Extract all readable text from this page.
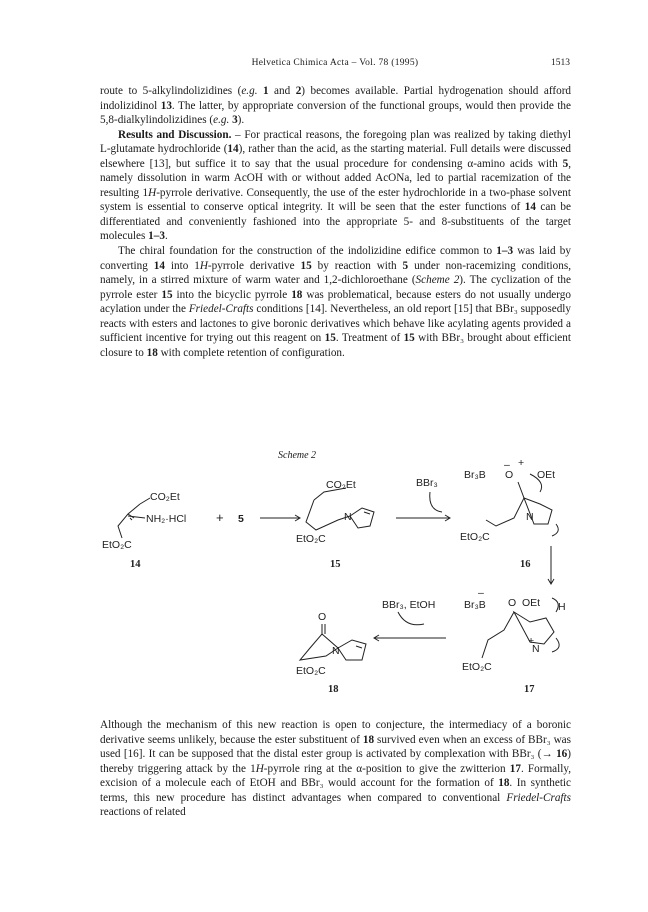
Helvetica Chimica Acta – Vol. 78 (1995)	1513

route to 5-alkylindolizidines (e.g. 1 and 2) becomes available. Partial hydrogenation should afford indolizidinol 13. The latter, by appropriate conversion of the functional groups, would then provide the 5,8-dialkylindolizidines (e.g. 3).

Results and Discussion. – For practical reasons, the foregoing plan was realized by taking diethyl L-glutamate hydrochloride (14), rather than the acid, as the starting material. Full details were discussed elsewhere [13], but suffice it to say that the usual procedure for condensing α-amino acids with 5, namely dissolution in warm AcOH with or without added AcONa, led to partial racemization of the resulting 1H-pyrrole derivative. Consequently, the use of the ester hydrochloride in a two-phase solvent system is essential to conserve optical integrity. It will be seen that the ester functions of 14 can be differentiated and conveniently fashioned into the appropriate 5- and 8-substituents of the target molecules 1–3.

The chiral foundation for the construction of the indolizidine edifice common to 1–3 was laid by converting 14 into 1H-pyrrole derivative 15 by reaction with 5 under non-racemizing conditions, namely, in a stirred mixture of warm water and 1,2-dichloroethane (Scheme 2). The cyclization of the pyrrole ester 15 into the bicyclic pyrrole 18 was problematical, because esters do not usually undergo acylation under the Friedel-Crafts conditions [14]. Nevertheless, an old report [15] that BBr₃ supposedly reacts with esters and lactones to give boronic derivatives which behave like acylating agents provided a sufficient incentive for trying out this reagent on 15. Treatment of 15 with BBr₃ brought about efficient closure to 18 with complete retention of configuration.

Scheme 2
CO₂Et
NH₂·HCl
EtO₂C
14
+ 5
CO₂Et
N
EtO₂C
15
BBr₃
Br₃B
– +
O OEt
N
EtO₂C
16
Br₃B
–
O OEt H
N
+
EtO₂C
17
BBr₃, EtOH
O
N
EtO₂C
18

Although the mechanism of this new reaction is open to conjecture, the intermediacy of a boronic derivative seems unlikely, because the ester substituent of 18 survived even when an excess of BBr₃ was used [16]. It can be supposed that the distal ester group is activated by complexation with BBr₃ (→ 16) thereby triggering attack by the 1H-pyrrole ring at the α-position to give the zwitterion 17. Formally, excision of a molecule each of EtOH and BBr₃ would account for the formation of 18. In synthetic terms, this new procedure has distinct advantages when compared to conventional Friedel-Crafts reactions of related
